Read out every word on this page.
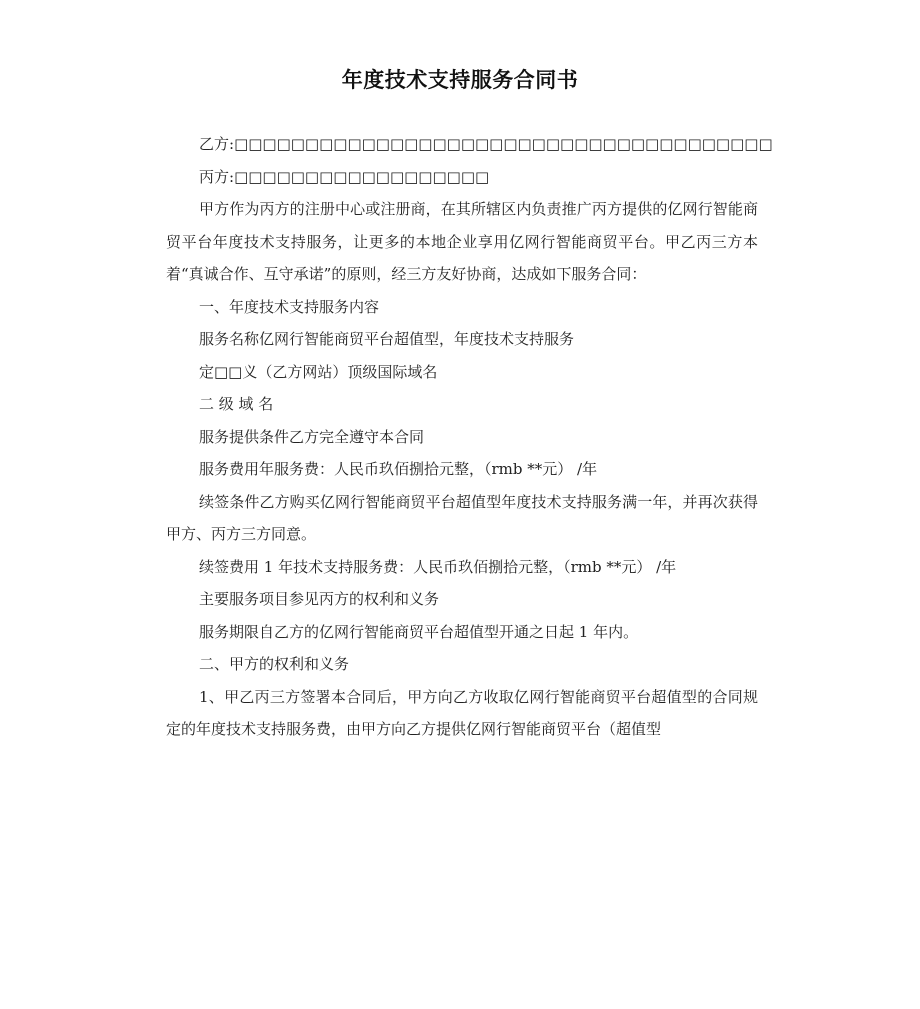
年度技术支持服务合同书

乙方:□□□□□□□□□□□□□□□□□□□□□□□□□□□□□□□□□□□□□□

丙方:□□□□□□□□□□□□□□□□□□

甲方作为丙方的注册中心或注册商，在其所辖区内负责推广丙方提供的亿网行智能商贸平台年度技术支持服务，让更多的本地企业享用亿网行智能商贸平台。甲乙丙三方本着“真诚合作、互守承诺”的原则，经三方友好协商，达成如下服务合同：

一、年度技术支持服务内容

服务名称亿网行智能商贸平台超值型，年度技术支持服务

定□□义（乙方网站）顶级国际域名

二 级 域 名

服务提供条件乙方完全遵守本合同

服务费用年服务费：人民币玖佰捌拾元整，（rmb **元） /年

续签条件乙方购买亿网行智能商贸平台超值型年度技术支持服务满一年，并再次获得甲方、丙方三方同意。

续签费用 1 年技术支持服务费：人民币玖佰捌拾元整，（rmb **元） /年

主要服务项目参见丙方的权利和义务

服务期限自乙方的亿网行智能商贸平台超值型开通之日起 1 年内。

二、甲方的权利和义务

1、甲乙丙三方签署本合同后，甲方向乙方收取亿网行智能商贸平台超值型的合同规定的年度技术支持服务费，由甲方向乙方提供亿网行智能商贸平台（超值型
